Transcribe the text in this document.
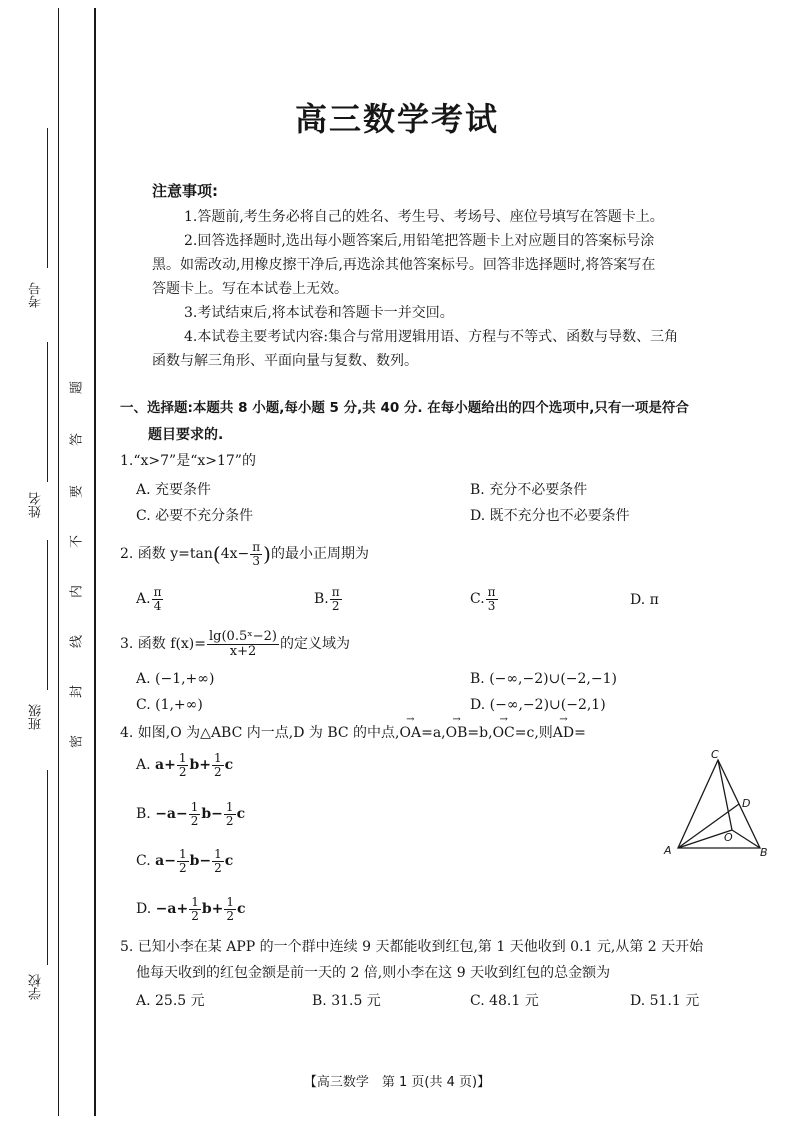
考号
姓名
班级
学校
题
答
要
不
内
线
封
密
高三数学考试
注意事项:
1.答题前,考生务必将自己的姓名、考生号、考场号、座位号填写在答题卡上。
2.回答选择题时,选出每小题答案后,用铅笔把答题卡上对应题目的答案标号涂
黑。如需改动,用橡皮擦干净后,再选涂其他答案标号。回答非选择题时,将答案写在
答题卡上。写在本试卷上无效。
3.考试结束后,将本试卷和答题卡一并交回。
4.本试卷主要考试内容:集合与常用逻辑用语、方程与不等式、函数与导数、三角
函数与解三角形、平面向量与复数、数列。
一、选择题:本题共 8 小题,每小题 5 分,共 40 分. 在每小题给出的四个选项中,只有一项是符合
题目要求的.
1.“x>7”是“x>17”的
A. 充要条件	B. 充分不必要条件
C. 必要不充分条件	D. 既不充分也不必要条件
2. 函数 $y=\tan(4x- \frac{\pi}{3}$ )的最小正周期为
A. $\frac{\pi}{4}$	B. $\frac{\pi}{2}$	C. $\frac{\pi}{3}$	D. π
3. 函数 $f(x)= \frac{\text{lg(0.5ˣ−2)}}{x+2}$ 的定义域为
A. (−1,+∞)	B. (−∞,−2)∪(−2,−1)
C. (1,+∞)	D. (−∞,−2)∪(−2,1)
4. 如图,O 为△ABC 内一点,D 为 BC 的中点,→ OA=a,→ OB=b,→ OC=c,则→ AD=
A. $a+ \frac{1}{2} b+ \frac{1}{2}$ c
B. $-a- \frac{1}{2} b- \frac{1}{2}$ c
C. $a- \frac{1}{2} b- \frac{1}{2}$ c
D. $-a+ \frac{1}{2} b+ \frac{1}{2}$ c
A	B
C
D
O
5. 已知小李在某 APP 的一个群中连续 9 天都能收到红包,第 1 天他收到 0.1 元,从第 2 天开始
他每天收到的红包金额是前一天的 2 倍,则小李在这 9 天收到红包的总金额为
A. 25.5 元	B. 31.5 元	C. 48.1 元	D. 51.1 元
【高三数学　第 1 页(共 4 页)】
